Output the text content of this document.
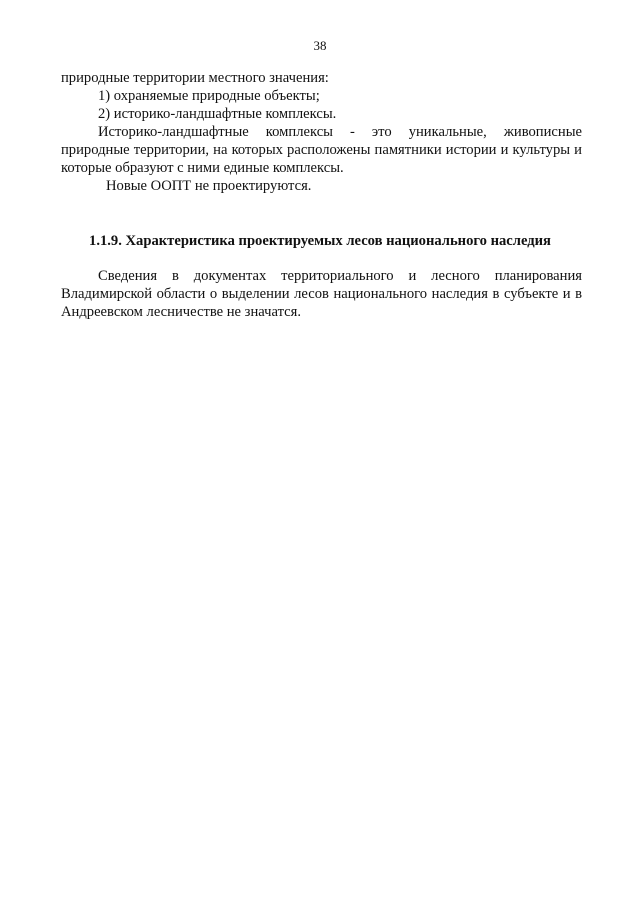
38

природные территории местного значения:

1) охраняемые природные объекты;

2) историко-ландшафтные комплексы.

Историко-ландшафтные комплексы - это уникальные, живописные природные территории, на которых расположены памятники истории и культуры и которые образуют с ними единые комплексы.

Новые ООПТ не проектируются.

1.1.9. Характеристика проектируемых лесов национального наследия

Сведения в документах территориального и лесного планирования Владимирской области о выделении лесов национального наследия в субъекте и в Андреевском лесничестве не значатся.
